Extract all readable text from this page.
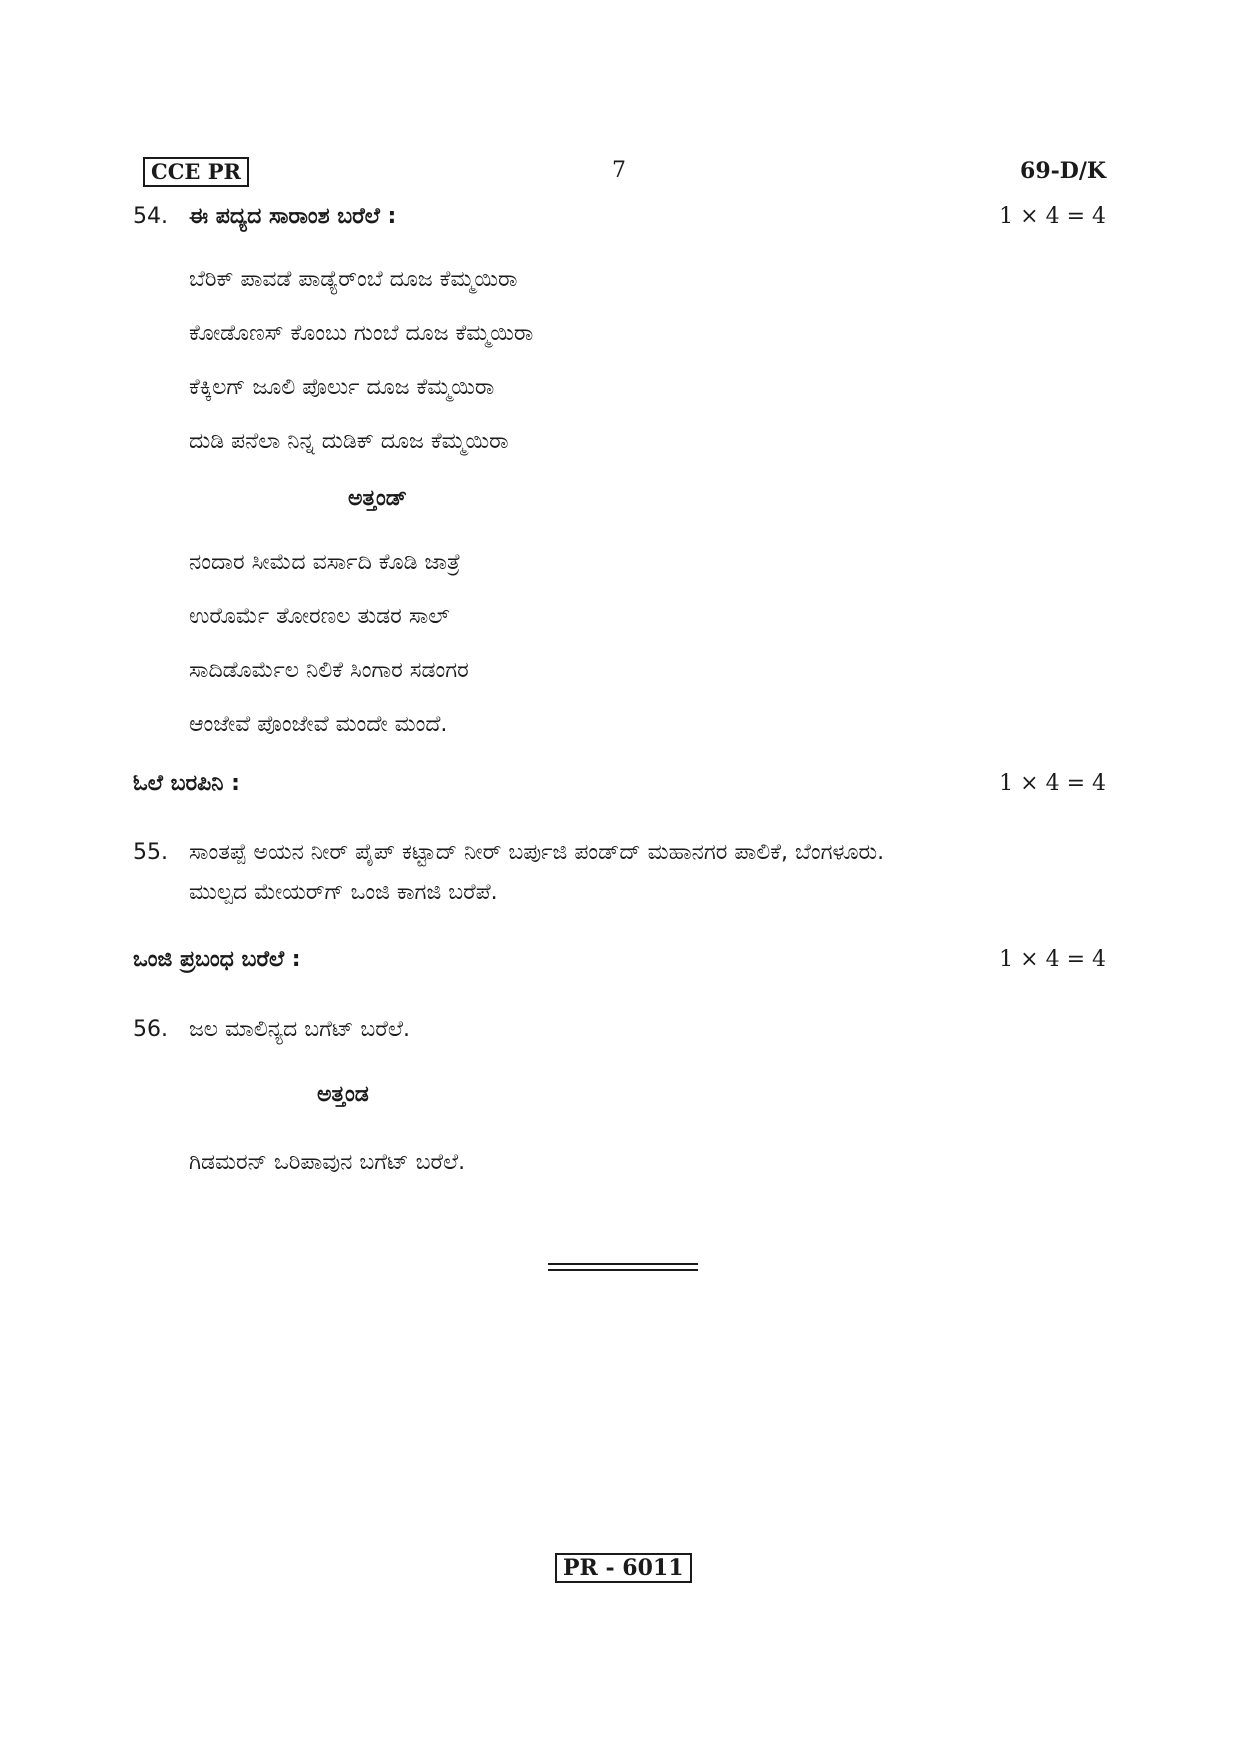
CCE PR	7	69-D/K
54. ಈ ಪದ್ಯದ ಸಾರಾಂಶ ಬರೆಲೆ :	1 × 4 = 4
ಬೆರಿಕ್ ಪಾವಡೆ ಪಾಡ್ಯೆರ್ಂಬೆ ದೂಜ ಕೆಮ್ಮಯಿರಾ
ಕೋಡೊಣಸ್ ಕೊಂಬು ಗುಂಬೆ ದೂಜ ಕೆಮ್ಮಯಿರಾ
ಕೆಕ್ಕಿಲಗ್ ಜೂಲಿ ಪೊರ್ಲು ದೂಜ ಕೆಮ್ಮಯಿರಾ
ದುಡಿ ಪನೆಲಾ ನಿನ್ನ ದುಡಿಕ್ ದೂಜ ಕೆಮ್ಮಯಿರಾ
ಅತ್ತಂಡ್
ನಂದಾರ ಸೀಮೆದ ವರ್ಸಾದಿ ಕೊಡಿ ಜಾತ್ರೆ
ಉರೊರ್ಮೆ ತೋರಣಲ ತುಡರ ಸಾಲ್
ಸಾದಿಡೊರ್ಮೆಲ ನಿಲಿಕೆ ಸಿಂಗಾರ ಸಡಂಗರ
ಆಂಜೇವೆ ಪೊಂಜೇವೆ ಮಂದೇ ಮಂದೆ.
ಓಲೆ ಬರಪಿನಿ :	1 × 4 = 4
55. ಸಾಂತಪ್ಪೆ ಅಯನ ನೀರ್ ಪೈಪ್ ಕಟ್ಟಾದ್ ನೀರ್ ಬರ್ಪುಜಿ ಪಂಡ್‌ದ್ ಮಹಾನಗರ ಪಾಲಿಕೆ, ಬೆಂಗಳೂರು.
ಮುಲ್ಪದ ಮೇಯರ್‌ಗ್ ಒಂಜಿ ಕಾಗಜಿ ಬರೆಪೆ.
ಒಂಜಿ ಪ್ರಬಂಧ ಬರೆಲೆ :	1 × 4 = 4
56. ಜಲ ಮಾಲಿನ್ಯದ ಬಗೆಟ್ ಬರೆಲೆ.
ಅತ್ತಂಡ
ಗಿಡಮರನ್ ಒರಿಪಾವುನ ಬಗೆಟ್ ಬರೆಲೆ.
PR - 6011
